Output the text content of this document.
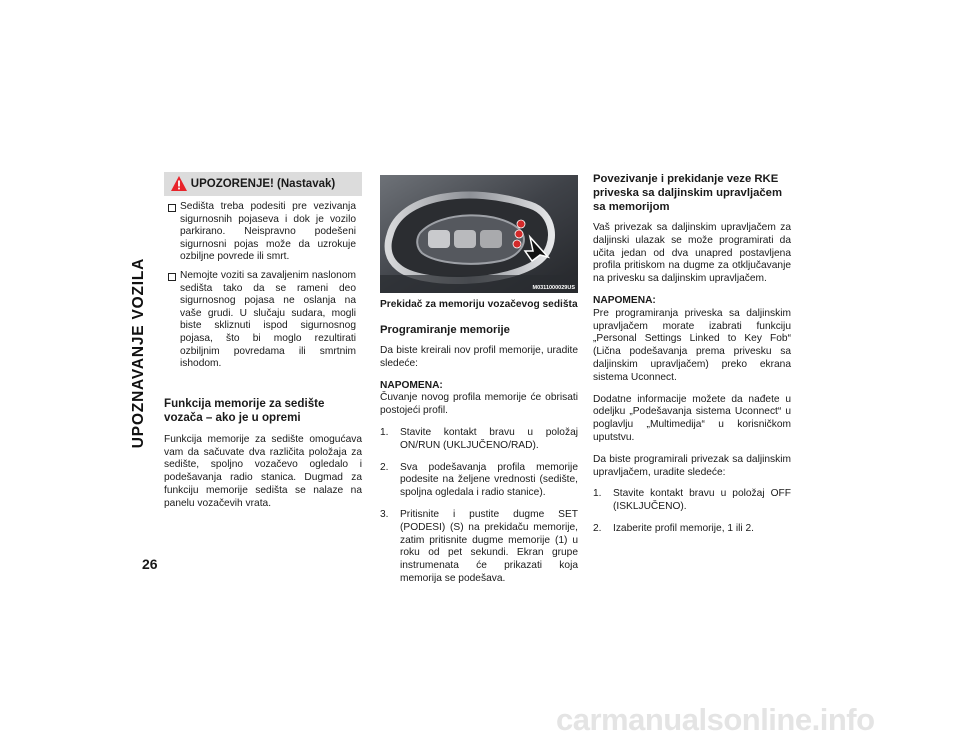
UPOZNAVANJE VOZILA
26
UPOZORENJE! (Nastavak)

Sedišta treba podesiti pre vezivanja sigurnosnih pojaseva i dok je vozilo parkirano. Neispravno podešeni sigurnosni pojas može da uzrokuje ozbiljne povrede ili smrt.

Nemojte voziti sa zavaljenim naslonom sedišta tako da se rameni deo sigurnosnog pojasa ne oslanja na vaše grudi. U slučaju sudara, mogli biste skliznuti ispod sigurnosnog pojasa, što bi moglo rezultirati ozbiljnim povredama ili smrtnim ishodom.

Funkcija memorije za sedište vozača – ako je u opremi

Funkcija memorije za sedište omogućava vam da sačuvate dva različita položaja za sedište, spoljno vozačevo ogledalo i podešavanja radio stanica. Dugmad za funkciju memorije sedišta se nalaze na panelu vozačevih vrata.

M0311000029US
Prekidač za memoriju vozačevog sedišta
Programiranje memorije

Da biste kreirali nov profil memorije, uradite sledeće:

NAPOMENA:
Čuvanje novog profila memorije će obrisati postojeći profil.
1.	Stavite kontakt bravu u položaj ON/RUN (UKLJUČENO/RAD).
2.	Sva podešavanja profila memorije podesite na željene vrednosti (sedište, spoljna ogledala i radio stanice).
3.	Pritisnite i pustite dugme SET (PODESI) (S) na prekidaču memorije, zatim pritisnite dugme memorije (1) u roku od pet sekundi. Ekran grupe instrumenata će prikazati koja memorija se podešava.
Povezivanje i prekidanje veze RKE priveska sa daljinskim upravljačem sa memorijom

Vaš privezak sa daljinskim upravljačem za daljinski ulazak se može programirati da učita jedan od dva unapred postavljena profila pritiskom na dugme za otključavanje na privesku sa daljinskim upravljačem.

NAPOMENA:
Pre programiranja priveska sa daljinskim upravljačem morate izabrati funkciju „Personal Settings Linked to Key Fob“ (Lična podešavanja prema privesku sa daljinskim upravljačem) preko ekrana sistema Uconnect.

Dodatne informacije možete da nađete u odeljku „Podešavanja sistema Uconnect“ u poglavlju „Multimedija“ u korisničkom uputstvu.

Da biste programirali privezak sa daljinskim upravljačem, uradite sledeće:

1.	Stavite kontakt bravu u položaj OFF (ISKLJUČENO).
2.	Izaberite profil memorije, 1 ili 2.
carmanualsonline.info
